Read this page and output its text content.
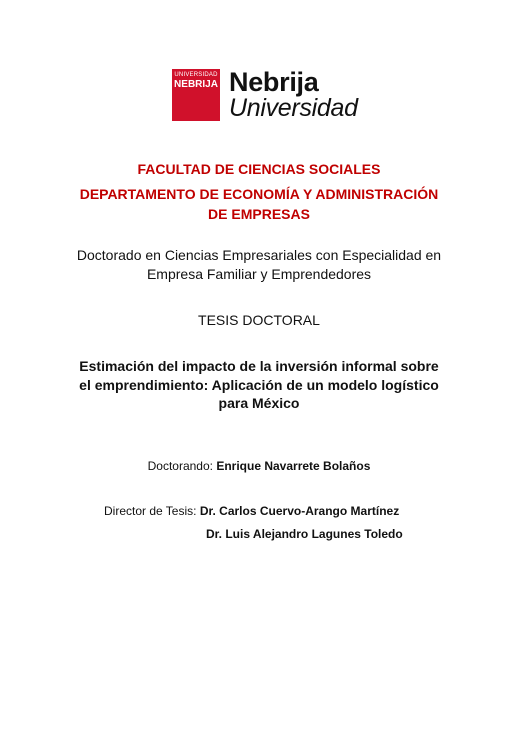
UNIVERSIDAD
NEBRIJA Nebrija
Universidad
FACULTAD DE CIENCIAS SOCIALES
DEPARTAMENTO DE ECONOMÍA Y ADMINISTRACIÓN
DE EMPRESAS
Doctorado en Ciencias Empresariales con Especialidad en
Empresa Familiar y Emprendedores
TESIS DOCTORAL
Estimación del impacto de la inversión informal sobre
el emprendimiento: Aplicación de un modelo logístico
para México
Doctorando: Enrique Navarrete Bolaños
Director de Tesis: Dr. Carlos Cuervo-Arango Martínez
Dr. Luis Alejandro Lagunes Toledo
